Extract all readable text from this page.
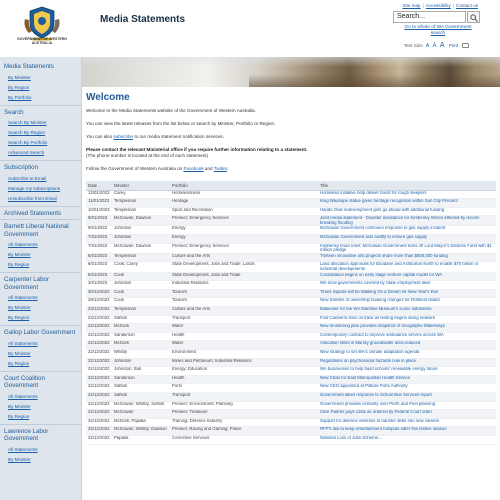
GOVERNMENT OF WESTERN AUSTRALIA
Media Statements
Site map | Accessibility | Contact us
Search...
Go to whole of WA Government search
Text Size A A A Print
Media Statements
By Minister
By Region
By Portfolio
Search
Search By Minister
Search By Region
Search By Portfolio
Advanced Search
Subscription
Subscribe to Email
Manage my subscriptions
Unsubscribe from Email
Archived Statements
Barnett Liberal National Government
All Statements
By Minister
By Region
Carpenter Labor Government
All Statements
By Minister
By Region
Gallop Labor Government
All Statements
By Minister
By Region
Court Coalition Government
All Statements
By Minister
By Region
Lawrence Labor Government
All Statements
By Minister
Welcome
Welcome to the Media Statements website of the Government of Western Australia.
You can view the latest releases from the list below or search by Minister, Portfolio or Region.
You can also subscribe to our media statement notification services.
Please contact the relevant Ministerial office if you require further information relating to a statement.
(The phone number is located at the end of each statement)
Follow the Government of Western Australia on Facebook and Twitter.
Date	Minister	Portfolio	Title
12/01/2023	Carey	Homelessness	Homeless initiative help deliver boost for rough sleepers
11/01/2023	Templeman	Heritage	King Wauhope statue given heritage recognition within Sun City Precinct
10/01/2023	Templeman	Sport and Recreation	Hands Oval redevelopment gets go ahead with additional funding
9/01/2023	McGowan; Dawson	Premier; Emergency Services	Joint media statement - Disaster assistance for Kimberley Shires affected by record-breaking flooding
9/01/2023	Johnston	Energy	McGowan Government continues response to gas supply incident
7/01/2023	Johnston	Energy	McGowan Government acts swiftly to ensure gas supply
7/01/2023	McGowan; Dawson	Premier; Emergency Services	Kimberley flood relief: McGowan Government kicks off Lord Mayor's Distress Fund with $1 million pledge
6/01/2023	Templeman	Culture and the Arts	Thirteen innovative arts projects share more than $600,000 funding
6/01/2023	Cook; Carey	State Development, Jobs and Trade; Lands	Land allocation approvals for Boodarie and Ashburton North to enable $70 billion of industrial developments
6/01/2023	Cook	State Development, Jobs and Trade	Consultation begins on early stage venture capital model for WA
3/01/2023	Johnston	Industrial Relations	WA local governments covered by State employment laws
30/12/2022	Cook	Tourism	Times Square will be Walking On a Dream for New Year's Eve
29/12/2022	Cook	Tourism	New transfer of ownership booking changes for Rottnest Island
23/12/2022	Templeman	Culture and the Arts	Makeover for the WA Maritime Museum's iconic submarine
23/12/2022	Saffioti	Transport	Find Canberra train on track as testing begins along network
22/12/2022	McGurk	Water	New monitoring plan provides snapshot of Geographe Waterways
22/12/2022	Sanderson	Health	Contemporary contract to improve ambulance service across WA
22/12/2022	McGurk	Water	Allocation limits in Murray groundwater area reduced
22/12/2022	Whitby	Environment	New strategy to set WA's climate adaptation agenda
22/12/2022	Johnston	Mines and Petroleum; Industrial Relations	Regulations on psychosocial hazards now in place
22/12/2022	Johnston; Buti	Energy; Education	WA businesses to help build schools' renewable energy future
22/12/2022	Sanderson	Health	New Chair for East Metropolitan Health Service
22/12/2022	Saffioti	Ports	New CEO appointed at Pilbara Ports Authority
22/12/2022	Saffioti	Transport	Government takes response to School Bus Services report
22/12/2022	McGowan; Whitby; Saffioti	Premier; Environment; Planning	Government provides certainty over Perth and Peel planning
22/12/2022	McGowan	Premier; Treasurer	Clive Palmer pays costs as ordered by Federal Court order
22/12/2022	McGurk; Papalia	Training; Defence Industry	Support for defence veterans to transfer skills into new careers
22/12/2022	McGowan; Whitby; Dawson	Premier; Racing and Gaming; Police	RFP's law to keep entertainment hotspots safer this festive season
22/12/2022	Papalia	Corrective Services	National Loss of Jobs Scheme...
